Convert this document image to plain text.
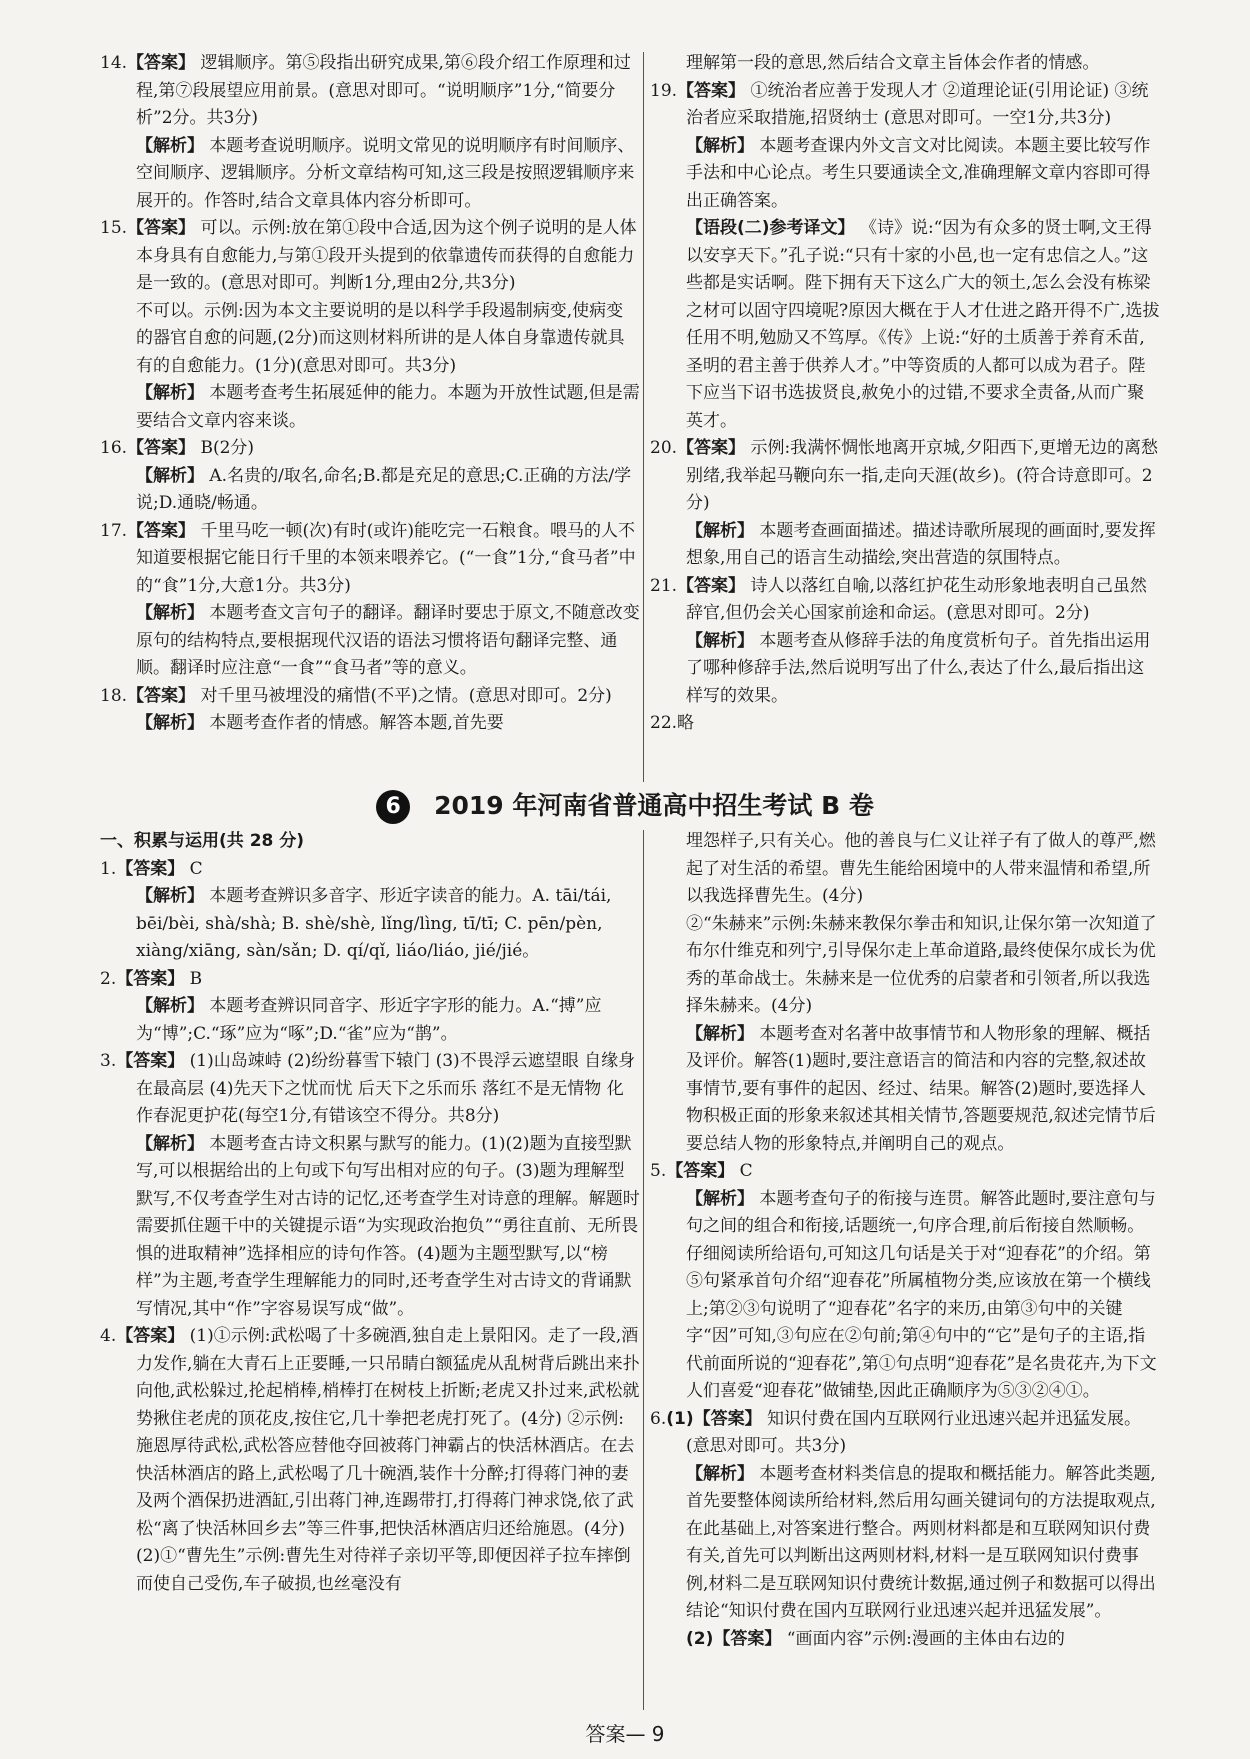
14.【答案】 逻辑顺序。第⑤段指出研究成果,第⑥段介绍工作原理和过程,第⑦段展望应用前景。(意思对即可。“说明顺序”1分,“简要分析”2分。共3分)

【解析】 本题考查说明顺序。说明文常见的说明顺序有时间顺序、空间顺序、逻辑顺序。分析文章结构可知,这三段是按照逻辑顺序来展开的。作答时,结合文章具体内容分析即可。

15.【答案】 可以。示例:放在第①段中合适,因为这个例子说明的是人体本身具有自愈能力,与第①段开头提到的依靠遗传而获得的自愈能力是一致的。(意思对即可。判断1分,理由2分,共3分)

不可以。示例:因为本文主要说明的是以科学手段遏制病变,使病变的器官自愈的问题,(2分)而这则材料所讲的是人体自身靠遗传就具有的自愈能力。(1分)(意思对即可。共3分)

【解析】 本题考查考生拓展延伸的能力。本题为开放性试题,但是需要结合文章内容来谈。

16.【答案】 B(2分)

【解析】 A.名贵的/取名,命名;B.都是充足的意思;C.正确的方法/学说;D.通晓/畅通。

17.【答案】 千里马吃一顿(次)有时(或许)能吃完一石粮食。喂马的人不知道要根据它能日行千里的本领来喂养它。(“一食”1分,“食马者”中的“食”1分,大意1分。共3分)

【解析】 本题考查文言句子的翻译。翻译时要忠于原文,不随意改变原句的结构特点,要根据现代汉语的语法习惯将语句翻译完整、通顺。翻译时应注意“一食”“食马者”等的意义。

18.【答案】 对千里马被埋没的痛惜(不平)之情。(意思对即可。2分)

【解析】 本题考查作者的情感。解答本题,首先要

理解第一段的意思,然后结合文章主旨体会作者的情感。

19.【答案】 ①统治者应善于发现人才 ②道理论证(引用论证) ③统治者应采取措施,招贤纳士 (意思对即可。一空1分,共3分)

【解析】 本题考查课内外文言文对比阅读。本题主要比较写作手法和中心论点。考生只要通读全文,准确理解文章内容即可得出正确答案。

【语段(二)参考译文】 《诗》说:“因为有众多的贤士啊,文王得以安享天下。”孔子说:“只有十家的小邑,也一定有忠信之人。”这些都是实话啊。陛下拥有天下这么广大的领土,怎么会没有栋梁之材可以固守四境呢?原因大概在于人才仕进之路开得不广,选拔任用不明,勉励又不笃厚。《传》上说:“好的土质善于养育禾苗,圣明的君主善于供养人才。”中等资质的人都可以成为君子。陛下应当下诏书选拔贤良,赦免小的过错,不要求全责备,从而广聚英才。

20.【答案】 示例:我满怀惆怅地离开京城,夕阳西下,更增无边的离愁别绪,我举起马鞭向东一指,走向天涯(故乡)。(符合诗意即可。2分)

【解析】 本题考查画面描述。描述诗歌所展现的画面时,要发挥想象,用自己的语言生动描绘,突出营造的氛围特点。

21.【答案】 诗人以落红自喻,以落红护花生动形象地表明自己虽然辞官,但仍会关心国家前途和命运。(意思对即可。2分)

【解析】 本题考查从修辞手法的角度赏析句子。首先指出运用了哪种修辞手法,然后说明写出了什么,表达了什么,最后指出这样写的效果。

22.略

6 2019 年河南省普通高中招生考试 B 卷

一、积累与运用(共 28 分)

1.【答案】 C

【解析】 本题考查辨识多音字、形近字读音的能力。A. tāi/tái, bēi/bèi, shà/shà; B. shè/shè, lǐng/lìng, tī/tī; C. pēn/pèn, xiàng/xiāng, sàn/sǎn; D. qí/qǐ, liáo/liáo, jié/jié。

2.【答案】 B

【解析】 本题考查辨识同音字、形近字字形的能力。A.“搏”应为“博”;C.“琢”应为“啄”;D.“雀”应为“鹊”。

3.【答案】 (1)山岛竦峙 (2)纷纷暮雪下辕门 (3)不畏浮云遮望眼 自缘身在最高层 (4)先天下之忧而忧 后天下之乐而乐 落红不是无情物 化作春泥更护花(每空1分,有错该空不得分。共8分)

【解析】 本题考查古诗文积累与默写的能力。(1)(2)题为直接型默写,可以根据给出的上句或下句写出相对应的句子。(3)题为理解型默写,不仅考查学生对古诗的记忆,还考查学生对诗意的理解。解题时需要抓住题干中的关键提示语“为实现政治抱负”“勇往直前、无所畏惧的进取精神”选择相应的诗句作答。(4)题为主题型默写,以“榜样”为主题,考查学生理解能力的同时,还考查学生对古诗文的背诵默写情况,其中“作”字容易误写成“做”。

4.【答案】 (1)①示例:武松喝了十多碗酒,独自走上景阳冈。走了一段,酒力发作,躺在大青石上正要睡,一只吊睛白额猛虎从乱树背后跳出来扑向他,武松躲过,抡起梢棒,梢棒打在树枝上折断;老虎又扑过来,武松就势揪住老虎的顶花皮,按住它,几十拳把老虎打死了。(4分) ②示例:施恩厚待武松,武松答应替他夺回被蒋门神霸占的快活林酒店。在去快活林酒店的路上,武松喝了几十碗酒,装作十分醉;打得蒋门神的妻及两个酒保扔进酒缸,引出蒋门神,连踢带打,打得蒋门神求饶,依了武松“离了快活林回乡去”等三件事,把快活林酒店归还给施恩。(4分)

(2)①“曹先生”示例:曹先生对待祥子亲切平等,即便因祥子拉车摔倒而使自己受伤,车子破损,也丝毫没有

埋怨样子,只有关心。他的善良与仁义让祥子有了做人的尊严,燃起了对生活的希望。曹先生能给困境中的人带来温情和希望,所以我选择曹先生。(4分)

②“朱赫来”示例:朱赫来教保尔拳击和知识,让保尔第一次知道了布尔什维克和列宁,引导保尔走上革命道路,最终使保尔成长为优秀的革命战士。朱赫来是一位优秀的启蒙者和引领者,所以我选择朱赫来。(4分)

【解析】 本题考查对名著中故事情节和人物形象的理解、概括及评价。解答(1)题时,要注意语言的简洁和内容的完整,叙述故事情节,要有事件的起因、经过、结果。解答(2)题时,要选择人物积极正面的形象来叙述其相关情节,答题要规范,叙述完情节后要总结人物的形象特点,并阐明自己的观点。

5.【答案】 C

【解析】 本题考查句子的衔接与连贯。解答此题时,要注意句与句之间的组合和衔接,话题统一,句序合理,前后衔接自然顺畅。仔细阅读所给语句,可知这几句话是关于对“迎春花”的介绍。第⑤句紧承首句介绍“迎春花”所属植物分类,应该放在第一个横线上;第②③句说明了“迎春花”名字的来历,由第③句中的关键字“因”可知,③句应在②句前;第④句中的“它”是句子的主语,指代前面所说的“迎春花”,第①句点明“迎春花”是名贵花卉,为下文人们喜爱“迎春花”做铺垫,因此正确顺序为⑤③②④①。

6.(1)【答案】 知识付费在国内互联网行业迅速兴起并迅猛发展。(意思对即可。共3分)

【解析】 本题考查材料类信息的提取和概括能力。解答此类题,首先要整体阅读所给材料,然后用勾画关键词句的方法提取观点,在此基础上,对答案进行整合。两则材料都是和互联网知识付费有关,首先可以判断出这两则材料,材料一是互联网知识付费事例,材料二是互联网知识付费统计数据,通过例子和数据可以得出结论“知识付费在国内互联网行业迅速兴起并迅猛发展”。

(2)【答案】 “画面内容”示例:漫画的主体由右边的

答案— 9
